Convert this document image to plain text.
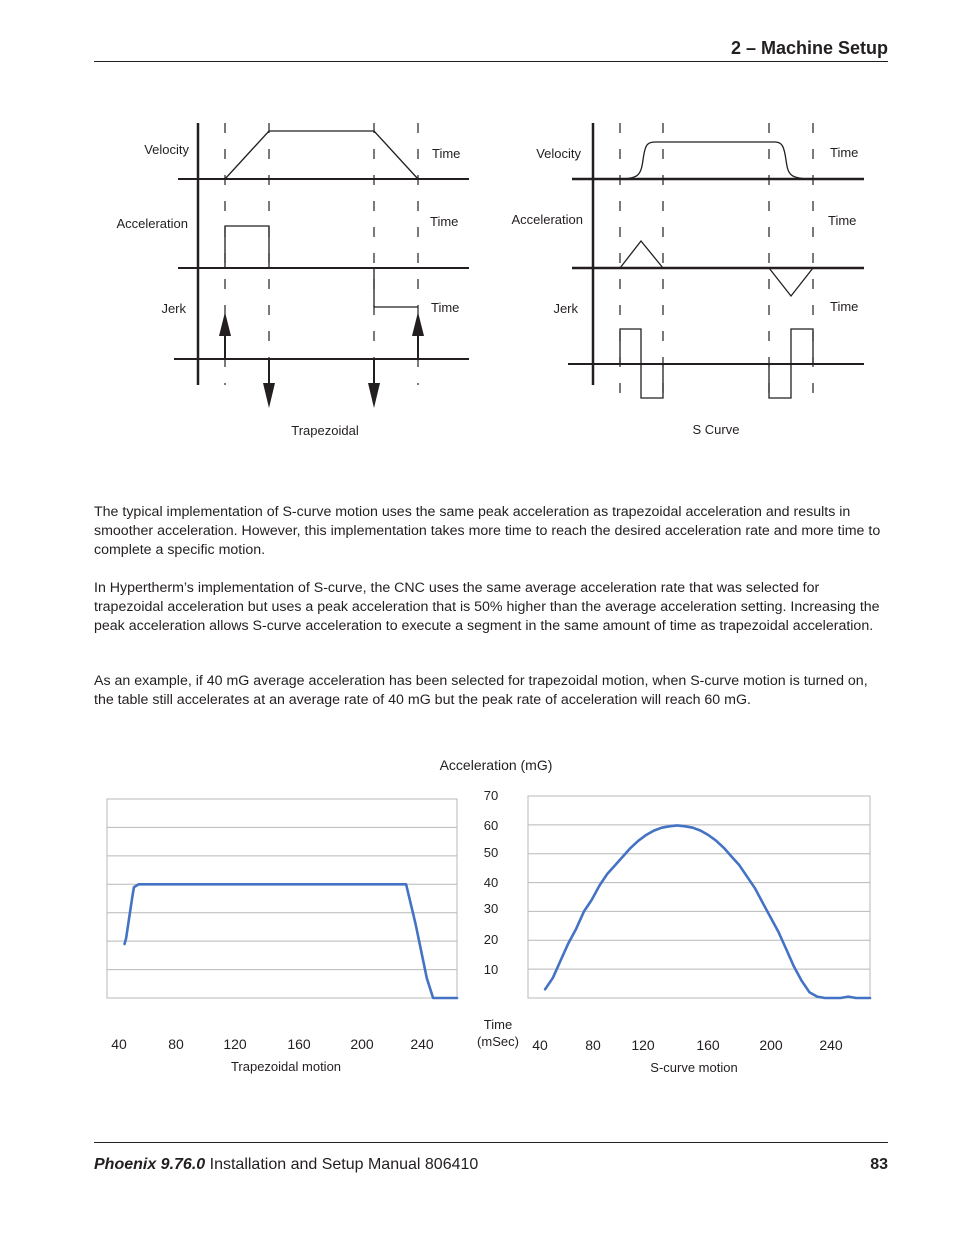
2 – Machine Setup
Velocity
Acceleration
Jerk
Time
Time
Time
Trapezoidal
Velocity
Acceleration
Jerk
Time
Time
Time
S Curve

The typical implementation of S-curve motion uses the same peak acceleration as trapezoidal acceleration and results in smoother acceleration. However, this implementation takes more time to reach the desired acceleration rate and more time to complete a specific motion.

In Hypertherm’s implementation of S-curve, the CNC uses the same average acceleration rate that was selected for trapezoidal acceleration but uses a peak acceleration that is 50% higher than the average acceleration setting. Increasing the peak acceleration allows S-curve acceleration to execute a segment in the same amount of time as trapezoidal acceleration.

As an example, if 40 mG average acceleration has been selected for trapezoidal motion, when S-curve motion is turned on, the table still accelerates at an average rate of 40 mG but the peak rate of acceleration will reach 60 mG.

Acceleration (mG)
Time
(mSec)
Trapezoidal motion	S-curve motion
40	80	120	160	200	240	40	80 120	160	200	240
70
60
50
40
30
20
10
Phoenix 9.76.0 Installation and Setup Manual 806410	83
